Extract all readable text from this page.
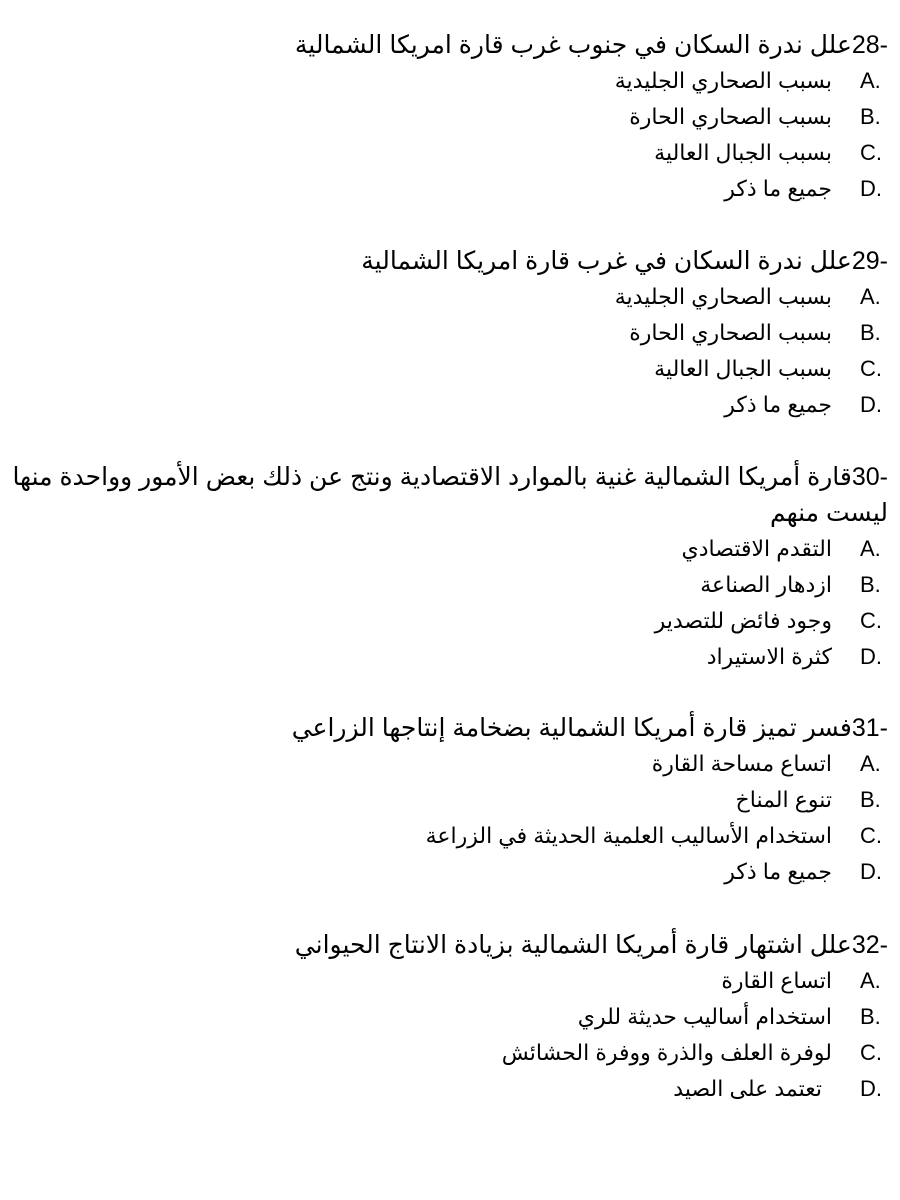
28-علل ندرة السكان في جنوب غرب قارة امريكا الشمالية
A.
بسبب الصحاري الجليدية
B.
بسبب الصحاري الحارة
C.
بسبب الجبال العالية
D.
جميع ما ذكر
29-علل ندرة السكان في غرب قارة امريكا الشمالية
A.
بسبب الصحاري الجليدية
B.
بسبب الصحاري الحارة
C.
بسبب الجبال العالية
D.
جميع ما ذكر
30-قارة أمريكا الشمالية غنية بالموارد الاقتصادية ونتج عن ذلك بعض الأمور وواحدة منها ليست منهم
A.
التقدم الاقتصادي
B.
ازدهار الصناعة
C.
وجود فائض للتصدير
D.
كثرة الاستيراد
31-فسر تميز قارة أمريكا الشمالية بضخامة إنتاجها الزراعي
A.
اتساع مساحة القارة
B.
تنوع المناخ
C.
استخدام الأساليب العلمية الحديثة في الزراعة
D.
جميع ما ذكر
32-علل اشتهار قارة أمريكا الشمالية بزيادة الانتاج الحيواني
A.
اتساع القارة
B.
استخدام أساليب حديثة للري
C.
لوفرة العلف والذرة ووفرة الحشائش
D.
تعتمد على الصيد
